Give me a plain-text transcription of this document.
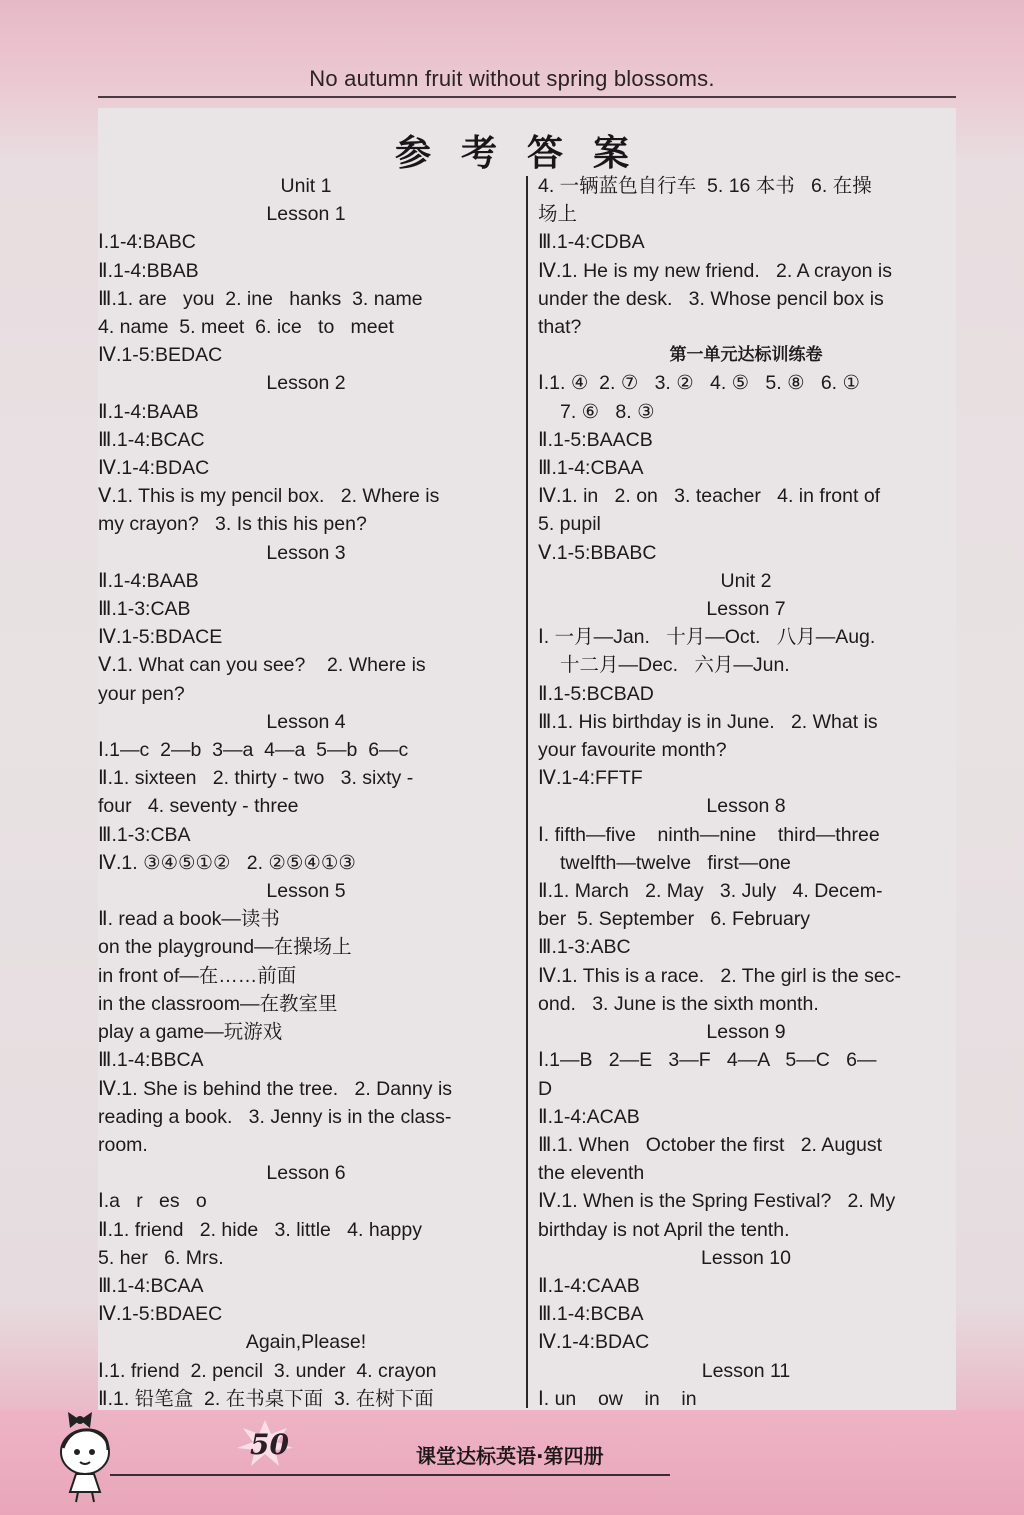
No autumn fruit without spring blossoms.
参考答案
Unit 1
Lesson 1
Ⅰ.1-4:BABC
Ⅱ.1-4:BBAB
Ⅲ.1. are   you  2. ine   hanks  3. name
4. name  5. meet  6. ice   to   meet
Ⅳ.1-5:BEDAC
Lesson 2
Ⅱ.1-4:BAAB
Ⅲ.1-4:BCAC
Ⅳ.1-4:BDAC
Ⅴ.1. This is my pencil box.   2. Where is
my crayon?   3. Is this his pen?
Lesson 3
Ⅱ.1-4:BAAB
Ⅲ.1-3:CAB
Ⅳ.1-5:BDACE
Ⅴ.1. What can you see?    2. Where is
your pen?
Lesson 4
Ⅰ.1—c  2—b  3—a  4—a  5—b  6—c
Ⅱ.1. sixteen   2. thirty - two   3. sixty -
four   4. seventy - three
Ⅲ.1-3:CBA
Ⅳ.1. ③④⑤①②   2. ②⑤④①③
Lesson 5
Ⅱ. read a book—读书
on the playground—在操场上
in front of—在……前面
in the classroom—在教室里
play a game—玩游戏
Ⅲ.1-4:BBCA
Ⅳ.1. She is behind the tree.   2. Danny is
reading a book.   3. Jenny is in the class-
room.
Lesson 6
Ⅰ.a   r   es   o
Ⅱ.1. friend   2. hide   3. little   4. happy
5. her   6. Mrs.
Ⅲ.1-4:BCAA
Ⅳ.1-5:BDAEC
Again,Please!
Ⅰ.1. friend  2. pencil  3. under  4. crayon
Ⅱ.1. 铅笔盒  2. 在书桌下面  3. 在树下面
4. 一辆蓝色自行车  5. 16 本书   6. 在操
场上
Ⅲ.1-4:CDBA
Ⅳ.1. He is my new friend.   2. A crayon is
under the desk.   3. Whose pencil box is
that?
第一单元达标训练卷
Ⅰ.1. ④  2. ⑦   3. ②   4. ⑤   5. ⑧   6. ①
7. ⑥   8. ③
Ⅱ.1-5:BAACB
Ⅲ.1-4:CBAA
Ⅳ.1. in   2. on   3. teacher   4. in front of
5. pupil
Ⅴ.1-5:BBABC
Unit 2
Lesson 7
Ⅰ. 一月—Jan.   十月—Oct.   八月—Aug.
十二月—Dec.   六月—Jun.
Ⅱ.1-5:BCBAD
Ⅲ.1. His birthday is in June.   2. What is
your favourite month?
Ⅳ.1-4:FFTF
Lesson 8
Ⅰ. fifth—five    ninth—nine    third—three
twelfth—twelve   first—one
Ⅱ.1. March   2. May   3. July   4. Decem-
ber  5. September   6. February
Ⅲ.1-3:ABC
Ⅳ.1. This is a race.   2. The girl is the sec-
ond.   3. June is the sixth month.
Lesson 9
Ⅰ.1—B   2—E   3—F   4—A   5—C   6—
D
Ⅱ.1-4:ACAB
Ⅲ.1. When   October the first   2. August
the eleventh
Ⅳ.1. When is the Spring Festival?   2. My
birthday is not April the tenth.
Lesson 10
Ⅱ.1-4:CAAB
Ⅲ.1-4:BCBA
Ⅳ.1-4:BDAC
Lesson 11
Ⅰ. un    ow    in    in
50	课堂达标英语·第四册
